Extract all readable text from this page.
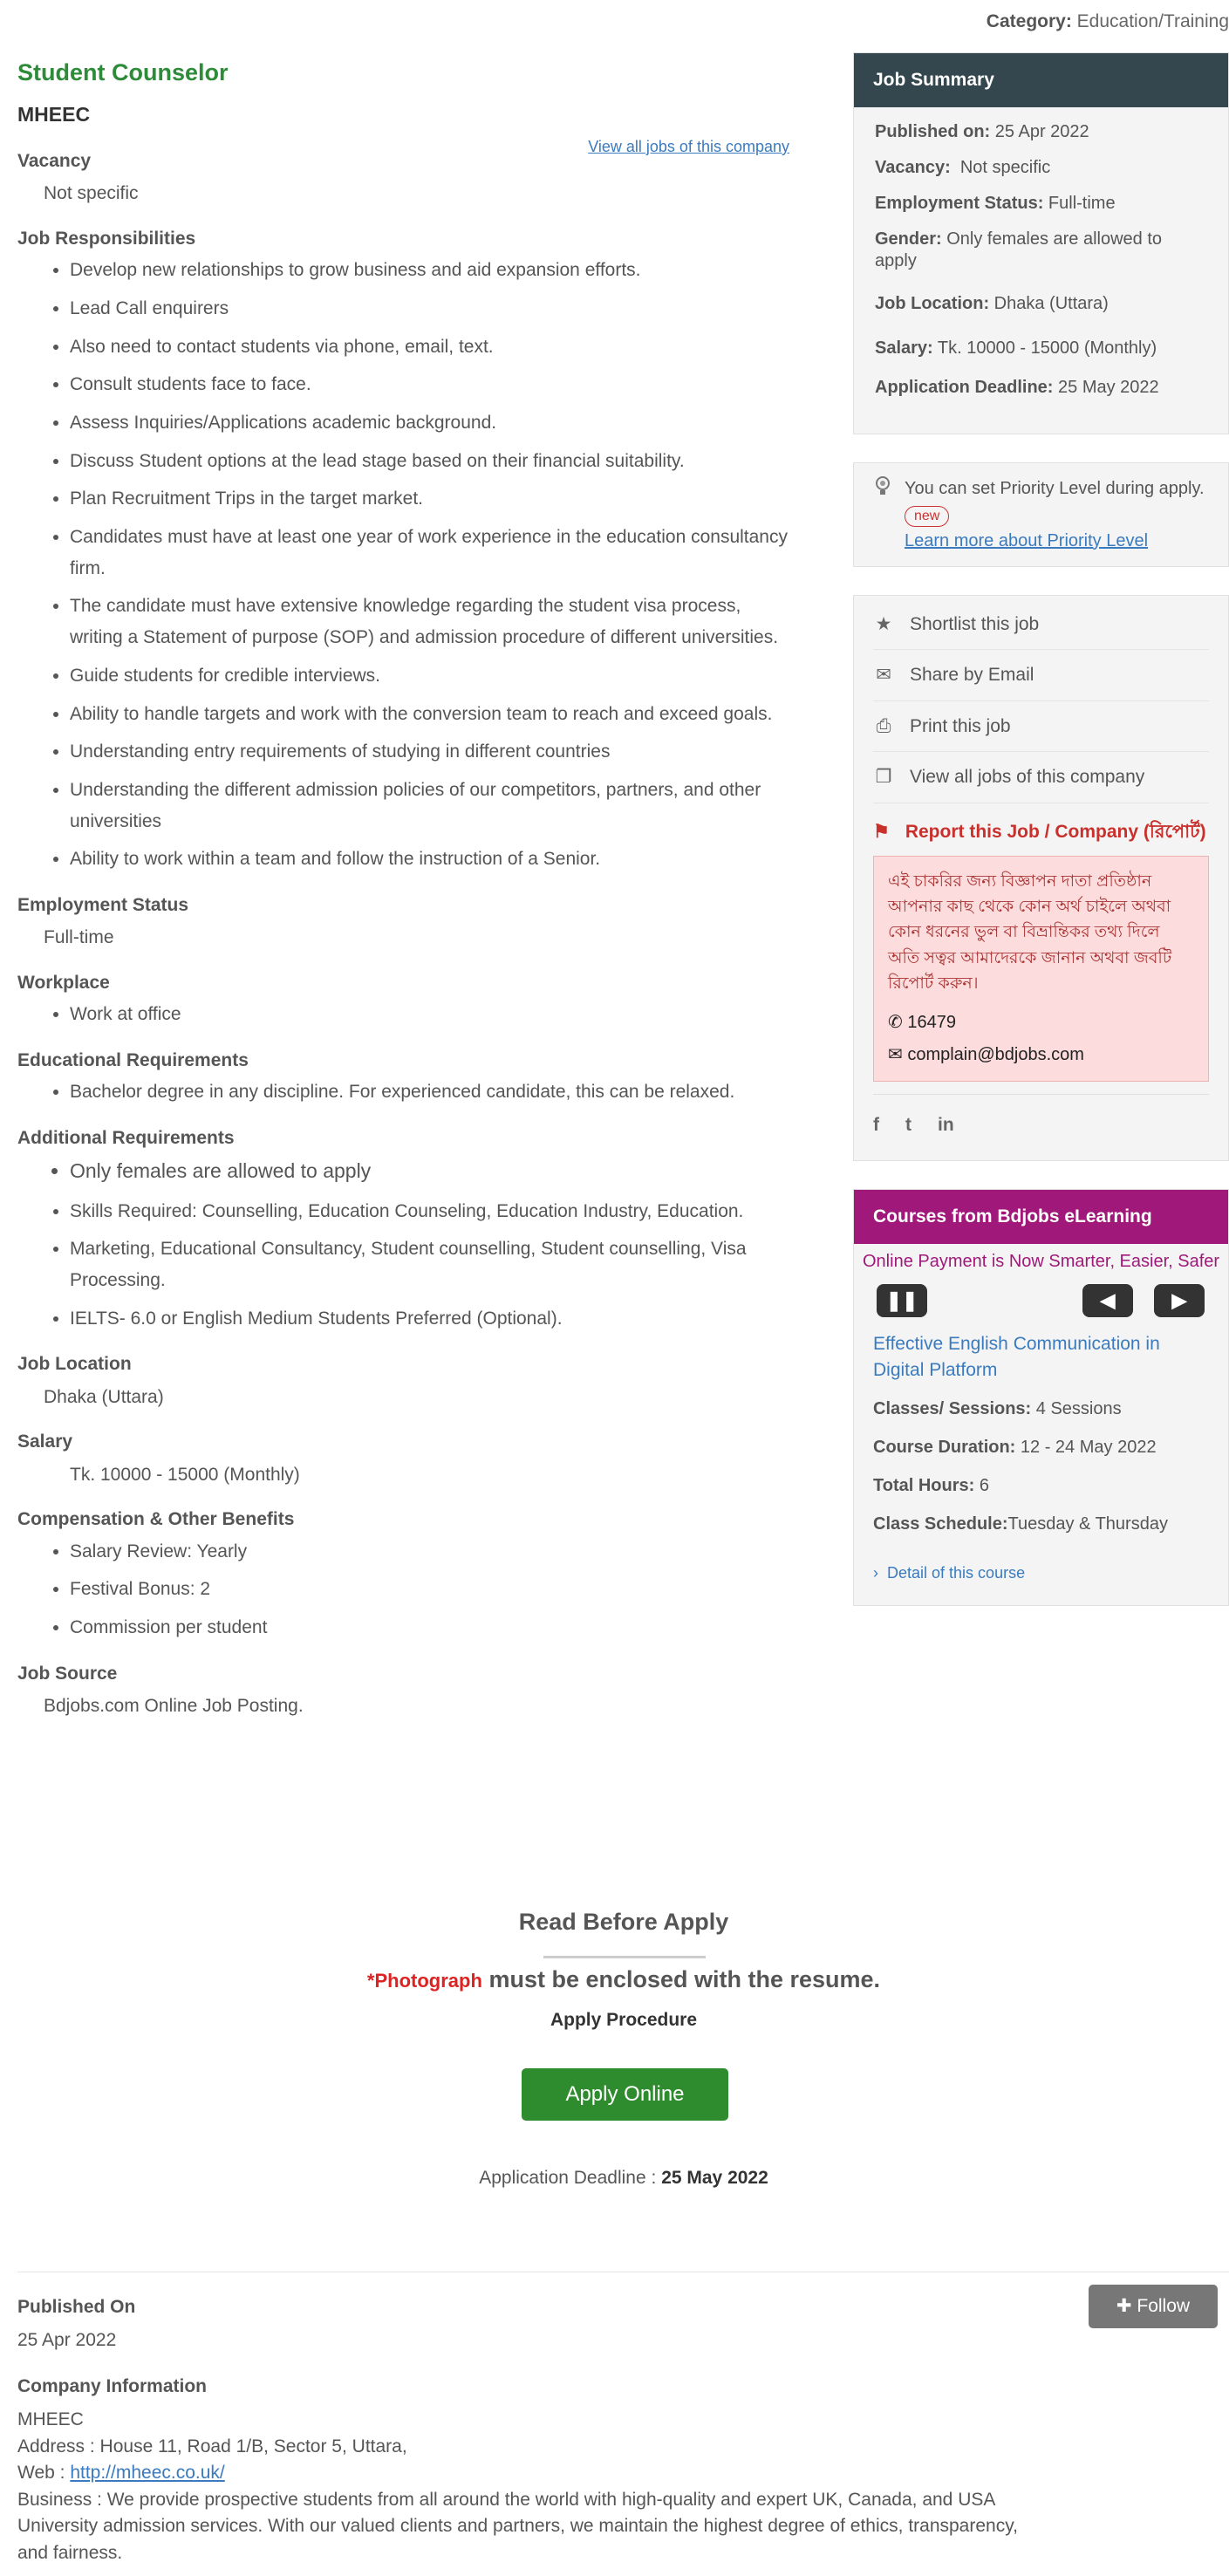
Category: Education/Training
Student Counselor
MHEEC
View all jobs of this company
Vacancy

Not specific

Job Responsibilities
• Develop new relationships to grow business and aid expansion efforts.
• Lead Call enquirers
• Also need to contact students via phone, email, text.
• Consult students face to face.
• Assess Inquiries/Applications academic background.
• Discuss Student options at the lead stage based on their financial suitability.
• Plan Recruitment Trips in the target market.
• Candidates must have at least one year of work experience in the education consultancy firm.
• The candidate must have extensive knowledge regarding the student visa process, writing a Statement of purpose (SOP) and admission procedure of different universities.
• Guide students for credible interviews.
• Ability to handle targets and work with the conversion team to reach and exceed goals.
• Understanding entry requirements of studying in different countries
• Understanding the different admission policies of our competitors, partners, and other universities
• Ability to work within a team and follow the instruction of a Senior.
Employment Status

Full-time

Workplace
• Work at office
Educational Requirements
• Bachelor degree in any discipline. For experienced candidate, this can be relaxed.
Additional Requirements
• Only females are allowed to apply
• Skills Required: Counselling, Education Counseling, Education Industry, Education.
• Marketing, Educational Consultancy, Student counselling, Student counselling, Visa Processing.
• IELTS- 6.0 or English Medium Students Preferred (Optional).
Job Location

Dhaka (Uttara)

Salary

Tk. 10000 - 15000 (Monthly)

Compensation & Other Benefits
• Salary Review: Yearly
• Festival Bonus: 2
• Commission per student
Job Source

Bdjobs.com Online Job Posting.

Job Summary
Published on: 25 Apr 2022
Vacancy: Not specific
Employment Status: Full-time
Gender: Only females are allowed to apply
Job Location: Dhaka (Uttara)
Salary: Tk. 10000 - 15000 (Monthly)
Application Deadline: 25 May 2022
You can set Priority Level during apply. new
Learn more about Priority Level
★ Shortlist this job
✉ Share by Email
⎙ Print this job
❐ View all jobs of this company
⚑ Report this Job / Company (রিপোর্ট)
এই চাকরির জন্য বিজ্ঞাপন দাতা প্রতিষ্ঠান আপনার কাছ থেকে কোন অর্থ চাইলে অথবা কোন ধরনের ভুল বা বিভ্রান্তিকর তথ্য দিলে অতি সত্বর আমাদেরকে জানান অথবা জবটি রিপোর্ট করুন।
✆ 16479
✉ complain@bdjobs.com
f t in
Courses from Bdjobs eLearning
Online Payment is Now Smarter, Easier, Safer
❚❚	◀	▶
Effective English Communication in Digital Platform
Classes/ Sessions: 4 Sessions
Course Duration: 12 - 24 May 2022
Total Hours: 6
Class Schedule:Tuesday & Thursday
› Detail of this course
Read Before Apply
*Photograph must be enclosed with the resume.
Apply Procedure
Apply Online
Application Deadline : 25 May 2022
✚ Follow
Published On
25 Apr 2022
Company Information
MHEEC
Address : House 11, Road 1/B, Sector 5, Uttara,
Web : http://mheec.co.uk/
Business : We provide prospective students from all around the world with high-quality and expert UK, Canada, and USA University admission services. With our valued clients and partners, we maintain the highest degree of ethics, transparency, and fairness.
